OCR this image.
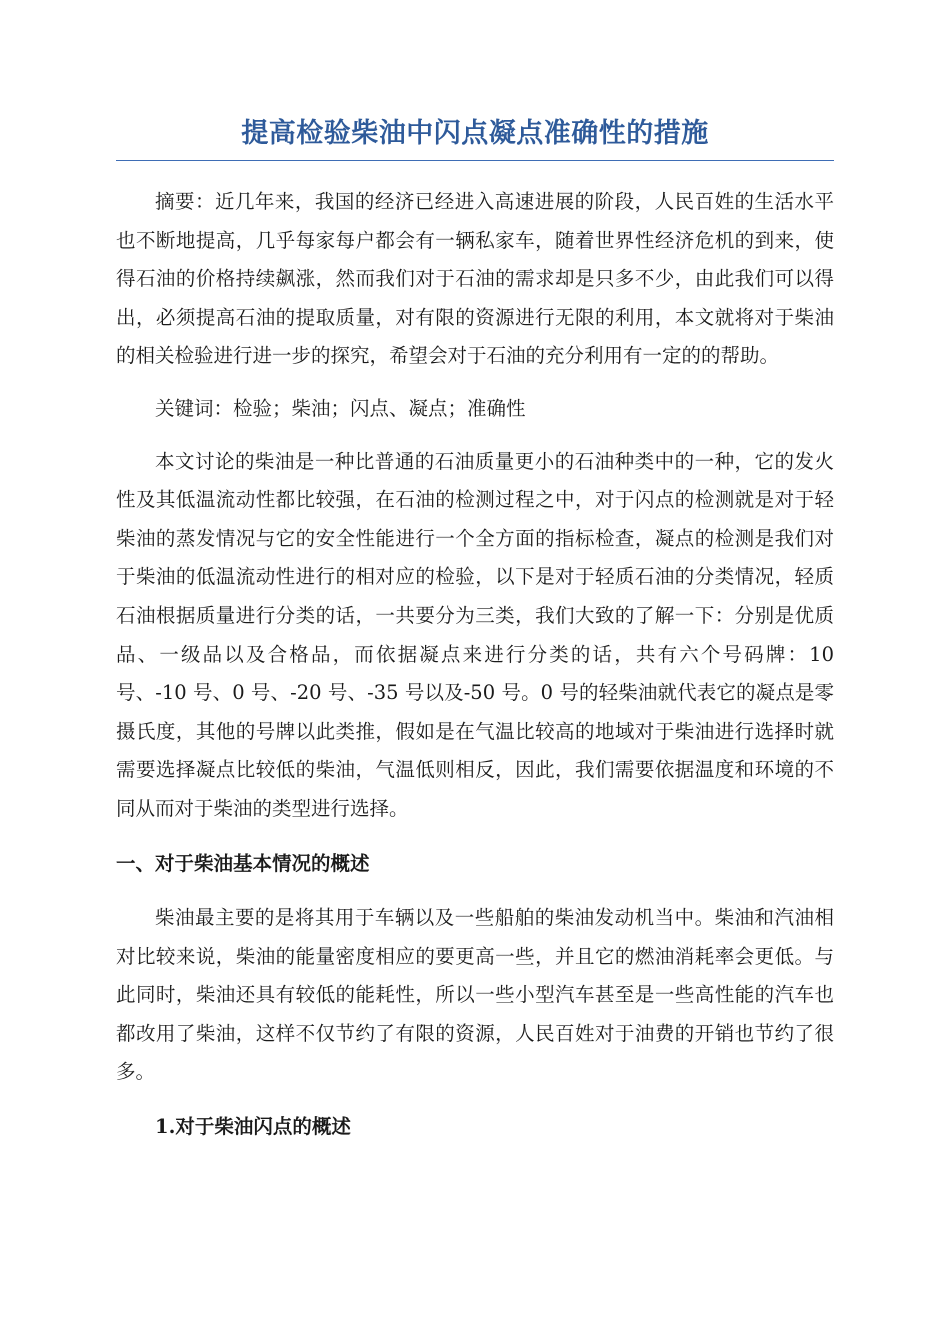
提高检验柴油中闪点凝点准确性的措施

摘要：近几年来，我国的经济已经进入高速进展的阶段，人民百姓的生活水平也不断地提高，几乎每家每户都会有一辆私家车，随着世界性经济危机的到来，使得石油的价格持续飙涨，然而我们对于石油的需求却是只多不少，由此我们可以得出，必须提高石油的提取质量，对有限的资源进行无限的利用，本文就将对于柴油的相关检验进行进一步的探究，希望会对于石油的充分利用有一定的的帮助。

关键词：检验；柴油；闪点、凝点；准确性

本文讨论的柴油是一种比普通的石油质量更小的石油种类中的一种，它的发火性及其低温流动性都比较强，在石油的检测过程之中，对于闪点的检测就是对于轻柴油的蒸发情况与它的安全性能进行一个全方面的指标检查，凝点的检测是我们对于柴油的低温流动性进行的相对应的检验，以下是对于轻质石油的分类情况，轻质石油根据质量进行分类的话，一共要分为三类，我们大致的了解一下：分别是优质品、一级品以及合格品，而依据凝点来进行分类的话，共有六个号码牌：10 号、-10 号、0 号、-20 号、-35 号以及-50 号。0 号的轻柴油就代表它的凝点是零摄氏度，其他的号牌以此类推，假如是在气温比较高的地域对于柴油进行选择时就需要选择凝点比较低的柴油，气温低则相反，因此，我们需要依据温度和环境的不同从而对于柴油的类型进行选择。

一、对于柴油基本情况的概述

柴油最主要的是将其用于车辆以及一些船舶的柴油发动机当中。柴油和汽油相对比较来说，柴油的能量密度相应的要更高一些，并且它的燃油消耗率会更低。与此同时，柴油还具有较低的能耗性，所以一些小型汽车甚至是一些高性能的汽车也都改用了柴油，这样不仅节约了有限的资源，人民百姓对于油费的开销也节约了很多。

1.对于柴油闪点的概述
